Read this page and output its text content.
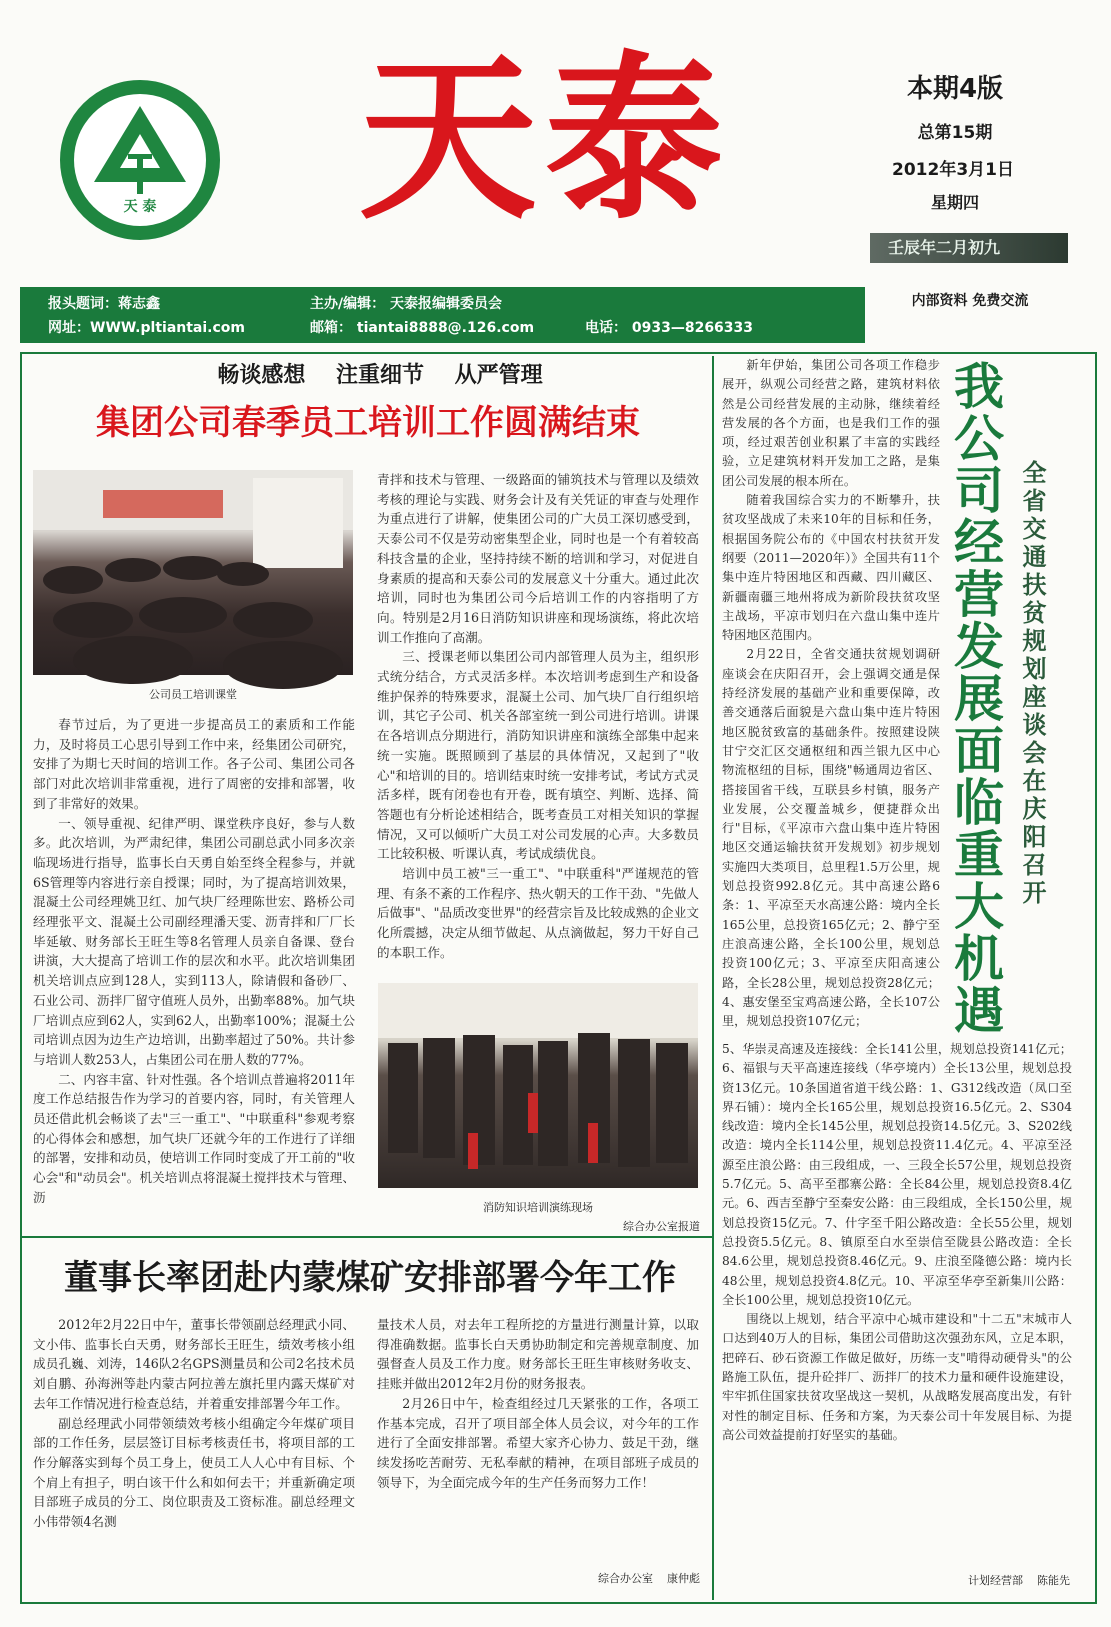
天 泰	天泰	本期4版
总第15期
2012年3月1日
星期四
壬辰年二月初九
报头题词：蒋志鑫	主办/编辑： 天泰报编辑委员会
网址：WWW.pltiantai.com	邮箱： tiantai8888@.126.com	电话： 0933—8266333
内部资料 免费交流
畅谈感想    注重细节    从严管理
集团公司春季员工培训工作圆满结束
公司员工培训课堂

春节过后，为了更进一步提高员工的素质和工作能力，及时将员工心思引导到工作中来，经集团公司研究，安排了为期七天时间的培训工作。各子公司、集团公司各部门对此次培训非常重视，进行了周密的安排和部署，收到了非常好的效果。

一、领导重视、纪律严明、课堂秩序良好，参与人数多。此次培训，为严肃纪律，集团公司副总武小同多次亲临现场进行指导，监事长白天勇自始至终全程参与，并就6S管理等内容进行亲自授课；同时，为了提高培训效果，混凝土公司经理姚卫红、加气块厂经理陈世宏、路桥公司经理张平文、混凝土公司副经理潘天雯、沥青拌和厂厂长毕延敏、财务部长王旺生等8名管理人员亲自备课、登台讲演，大大提高了培训工作的层次和水平。此次培训集团机关培训点应到128人，实到113人，除请假和备砂厂、石业公司、沥拌厂留守值班人员外，出勤率88%。加气块厂培训点应到62人，实到62人，出勤率100%；混凝土公司培训点因为边生产边培训，出勤率超过了50%。共计参与培训人数253人，占集团公司在册人数的77%。

二、内容丰富、针对性强。各个培训点普遍将2011年度工作总结报告作为学习的首要内容，同时，有关管理人员还借此机会畅谈了去"三一重工"、"中联重科"参观考察的心得体会和感想，加气块厂还就今年的工作进行了详细的部署，安排和动员，使培训工作同时变成了开工前的"收心会"和"动员会"。机关培训点将混凝土搅拌技术与管理、沥

青拌和技术与管理、一级路面的铺筑技术与管理以及绩效考核的理论与实践、财务会计及有关凭证的审查与处理作为重点进行了讲解，使集团公司的广大员工深切感受到，天泰公司不仅是劳动密集型企业，同时也是一个有着较高科技含量的企业，坚持持续不断的培训和学习，对促进自身素质的提高和天泰公司的发展意义十分重大。通过此次培训，同时也为集团公司今后培训工作的内容指明了方向。特别是2月16日消防知识讲座和现场演练，将此次培训工作推向了高潮。

三、授课老师以集团公司内部管理人员为主，组织形式统分结合，方式灵活多样。本次培训考虑到生产和设备维护保养的特殊要求，混凝土公司、加气块厂自行组织培训，其它子公司、机关各部室统一到公司进行培训。讲课在各培训点分期进行，消防知识讲座和演练全部集中起来统一实施。既照顾到了基层的具体情况，又起到了"收心"和培训的目的。培训结束时统一安排考试，考试方式灵活多样，既有闭卷也有开卷，既有填空、判断、选择、简答题也有分析论述相结合，既考查员工对相关知识的掌握情况，又可以倾听广大员工对公司发展的心声。大多数员工比较积极、听课认真，考试成绩优良。

培训中员工被"三一重工"、"中联重科"严谨规范的管理、有条不紊的工作程序、热火朝天的工作干劲、"先做人后做事"、"品质改变世界"的经营宗旨及比较成熟的企业文化所震撼，决定从细节做起、从点滴做起，努力干好自己的本职工作。

消防知识培训演练现场
综合办公室报道
董事长率团赴内蒙煤矿安排部署今年工作

2012年2月22日中午，董事长带领副总经理武小同、文小伟、监事长白天勇，财务部长王旺生，绩效考核小组成员孔巍、刘涛，146队2名GPS测量员和公司2名技术员刘自鹏、孙海洲等赴内蒙古阿拉善左旗托里内露天煤矿对去年工作情况进行检查总结，并着重安排部署今年工作。

副总经理武小同带领绩效考核小组确定今年煤矿项目部的工作任务，层层签订目标考核责任书，将项目部的工作分解落实到每个员工身上，使员工人人心中有目标、个个肩上有担子，明白该干什么和如何去干；并重新确定项目部班子成员的分工、岗位职责及工资标准。副总经理文小伟带领4名测

量技术人员，对去年工程所挖的方量进行测量计算，以取得准确数据。监事长白天勇协助制定和完善规章制度、加强督查人员及工作力度。财务部长王旺生审核财务收支、挂账并做出2012年2月份的财务报表。

2月26日中午，检查组经过几天紧张的工作，各项工作基本完成，召开了项目部全体人员会议，对今年的工作进行了全面安排部署。希望大家齐心协力、鼓足干劲，继续发扬吃苦耐劳、无私奉献的精神，在项目部班子成员的领导下，为全面完成今年的生产任务而努力工作！

综合办公室    康仲彪

新年伊始，集团公司各项工作稳步展开，纵观公司经营之路，建筑材料依然是公司经营发展的主动脉，继续着经营发展的各个方面，也是我们工作的强项，经过艰苦创业积累了丰富的实践经验，立足建筑材料开发加工之路，是集团公司发展的根本所在。

随着我国综合实力的不断攀升，扶贫攻坚战成了未来10年的目标和任务，根据国务院公布的《中国农村扶贫开发纲要（2011—2020年）》全国共有11个集中连片特困地区和西藏、四川藏区、新疆南疆三地州将成为新阶段扶贫攻坚主战场，平凉市划归在六盘山集中连片特困地区范围内。

2月22日，全省交通扶贫规划调研座谈会在庆阳召开，会上强调交通是保持经济发展的基础产业和重要保障，改善交通落后面貌是六盘山集中连片特困地区脱贫致富的基础条件。按照建设陕甘宁交汇区交通枢纽和西兰银九区中心物流枢纽的目标，围绕"畅通周边省区、搭接国省干线，互联县乡村镇，服务产业发展，公交覆盖城乡，便捷群众出行"目标，《平凉市六盘山集中连片特困地区交通运输扶贫开发规划》初步规划实施四大类项目，总里程1.5万公里，规划总投资992.8亿元。其中高速公路6条：1、平凉至天水高速公路：境内全长165公里，总投资165亿元；2、静宁至庄浪高速公路，全长100公里，规划总投资100亿元；3、平凉至庆阳高速公路，全长28公里，规划总投资28亿元；4、惠安堡至宝鸡高速公路，全长107公里，规划总投资107亿元；	我公司经营发展面临重大机遇 全省交通扶贫规划座谈会在庆阳召开

5、华崇灵高速及连接线：全长141公里，规划总投资141亿元；6、福银与天平高速连接线（华亭境内）全长13公里，规划总投资13亿元。10条国道省道干线公路：1、G312线改造（凤口至界石铺）：境内全长165公里，规划总投资16.5亿元。2、S304线改造：境内全长145公里，规划总投资14.5亿元。3、S202线改造：境内全长114公里，规划总投资11.4亿元。4、平凉至泾源至庄浪公路：由三段组成，一、三段全长57公里，规划总投资5.7亿元。5、高平至郡寨公路：全长84公里，规划总投资8.4亿元。6、西吉至静宁至秦安公路：由三段组成，全长150公里，规划总投资15亿元。7、什字至千阳公路改造：全长55公里，规划总投资5.5亿元。8、镇原至白水至崇信至陇县公路改造：全长84.6公里，规划总投资8.46亿元。9、庄浪至隆德公路：境内长48公里，规划总投资4.8亿元。10、平凉至华亭至新集川公路：全长100公里，规划总投资10亿元。

围绕以上规划，结合平凉中心城市建设和"十二五"末城市人口达到40万人的目标，集团公司借助这次强劲东风，立足本职，把碎石、砂石资源工作做足做好，历练一支"啃得动硬骨头"的公路施工队伍，提升砼拌厂、沥拌厂的技术力量和硬件设施建设，牢牢抓住国家扶贫攻坚战这一契机，从战略发展高度出发，有针对性的制定目标、任务和方案，为天泰公司十年发展目标、为提高公司效益提前打好坚实的基础。

计划经营部    陈能先
